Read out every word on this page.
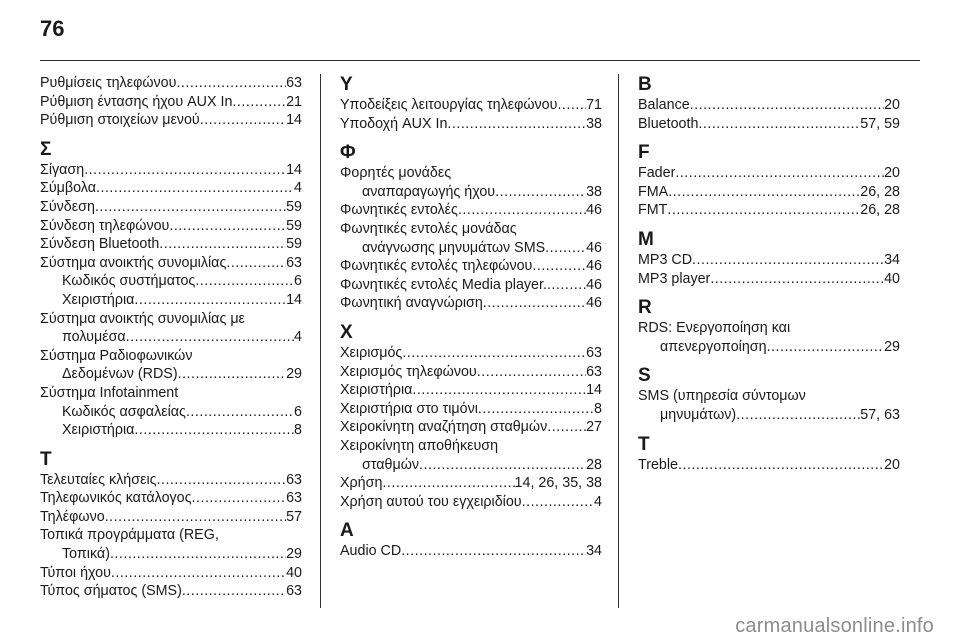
76
Ρυθμίσεις τηλεφώνου .....	63
Ρύθμιση έντασης ήχου AUX In .....	21
Ρύθμιση στοιχείων μενού .....	14
Σ
Σίγαση .....	14
Σύμβολα .....	4
Σύνδεση .....	59
Σύνδεση τηλεφώνου .....	59
Σύνδεση Bluetooth .....	59
Σύστημα ανοικτής συνομιλίας .....	63
Κωδικός συστήματος .....	6
Χειριστήρια .....	14
Σύστημα ανοικτής συνομιλίας με
πολυμέσα .....	4
Σύστημα Ραδιοφωνικών
Δεδομένων (RDS) .....	29
Σύστημα Infotainment
Κωδικός ασφαλείας .....	6
Χειριστήρια .....	8
Τ
Τελευταίες κλήσεις .....	63
Τηλεφωνικός κατάλογος .....	63
Τηλέφωνο .....	57
Τοπικά προγράμματα (REG,
Τοπικά) .....	29
Τύποι ήχου .....	40
Τύπος σήματος (SMS) .....	63
Υ
Υποδείξεις λειτουργίας τηλεφώνου ..... 71
Υποδοχή AUX In .....	38
Φ
Φορητές μονάδες
αναπαραγωγής ήχου .....	38
Φωνητικές εντολές .....	46
Φωνητικές εντολές μονάδας
ανάγνωσης μηνυμάτων SMS .....	46
Φωνητικές εντολές τηλεφώνου .....	46
Φωνητικές εντολές Media player. .....	46
Φωνητική αναγνώριση .....	46
Χ
Χειρισμός .....	63
Χειρισμός τηλεφώνου .....	63
Χειριστήρια .....	14
Χειριστήρια στο τιμόνι .....	8
Χειροκίνητη αναζήτηση σταθμών .....	27
Χειροκίνητη αποθήκευση
σταθμών .....	28
Χρήση .....	14, 26, 35, 38
Χρήση αυτού του εγχειριδίου .....	4
A
Audio CD .....	34
B
Balance .....	20
Bluetooth .....	57, 59
F
Fader .....	20
FMA .....	26, 28
FMT .....	26, 28
M
MP3 CD .....	34
MP3 player .....	40
R
RDS: Ενεργοποίηση και
απενεργοποίηση .....	29
S
SMS (υπηρεσία σύντομων
μηνυμάτων) .....	57, 63
T
Treble .....	20
carmanualsonline.info
